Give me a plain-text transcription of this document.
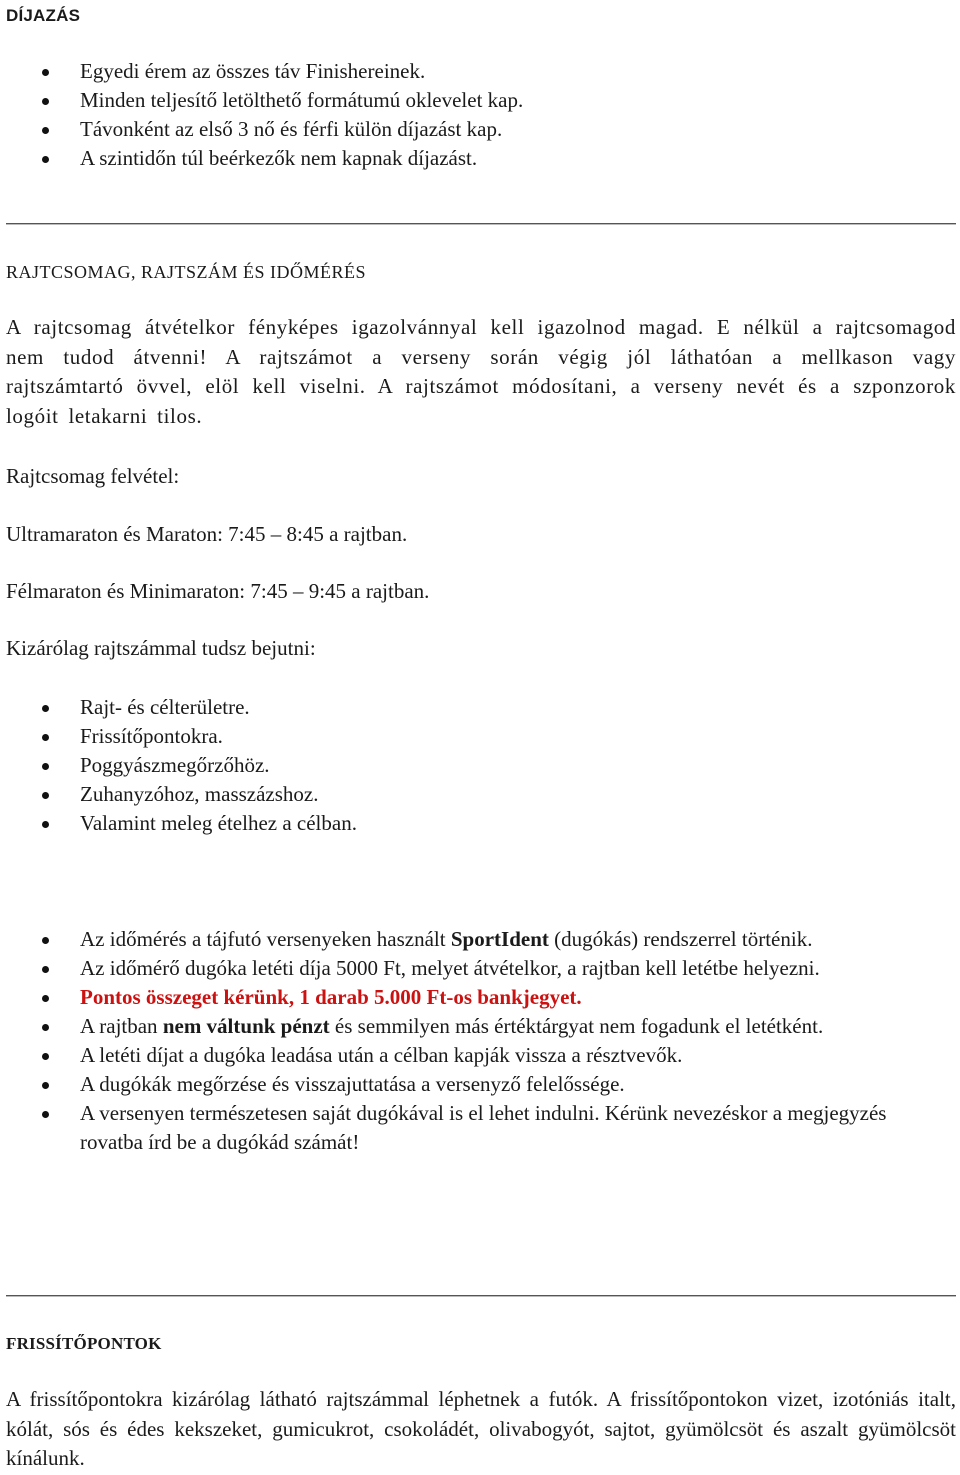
DÍJAZÁS
Egyedi érem az összes táv Finishereinek.
Minden teljesítő letölthető formátumú oklevelet kap.
Távonként az első 3 nő és férfi külön díjazást kap.
A szintidőn túl beérkezők nem kapnak díjazást.
RAJTCSOMAG, RAJTSZÁM ÉS IDŐMÉRÉS

A rajtcsomag átvételkor fényképes igazolvánnyal kell igazolnod magad. E nélkül a rajtcsomagod nem tudod átvenni! A rajtszámot a verseny során végig jól láthatóan a mellkason vagy rajtszámtartó övvel, elöl kell viselni. A rajtszámot módosítani, a verseny nevét és a szponzorok logóit letakarni tilos.

Rajtcsomag felvétel:

Ultramaraton és Maraton: 7:45 – 8:45 a rajtban.

Félmaraton és Minimaraton: 7:45 – 9:45 a rajtban.

Kizárólag rajtszámmal tudsz bejutni:

Rajt- és célterületre.
Frissítőpontokra.
Poggyászmegőrzőhöz.
Zuhanyzóhoz, masszázshoz.
Valamint meleg ételhez a célban.
Az időmérés a tájfutó versenyeken használt SportIdent (dugókás) rendszerrel történik.
Az időmérő dugóka letéti díja 5000 Ft, melyet átvételkor, a rajtban kell letétbe helyezni.
Pontos összeget kérünk, 1 darab 5.000 Ft-os bankjegyet.
A rajtban nem váltunk pénzt és semmilyen más értéktárgyat nem fogadunk el letétként.
A letéti díjat a dugóka leadása után a célban kapják vissza a résztvevők.
A dugókák megőrzése és visszajuttatása a versenyző felelőssége.
A versenyen természetesen saját dugókával is el lehet indulni. Kérünk nevezéskor a megjegyzés rovatba írd be a dugókád számát!
FRISSÍTŐPONTOK

A frissítőpontokra kizárólag látható rajtszámmal léphetnek a futók. A frissítőpontokon vizet, izotóniás italt, kólát, sós és édes kekszeket, gumicukrot, csokoládét, olivabogyót, sajtot, gyümölcsöt és aszalt gyümölcsöt kínálunk.
